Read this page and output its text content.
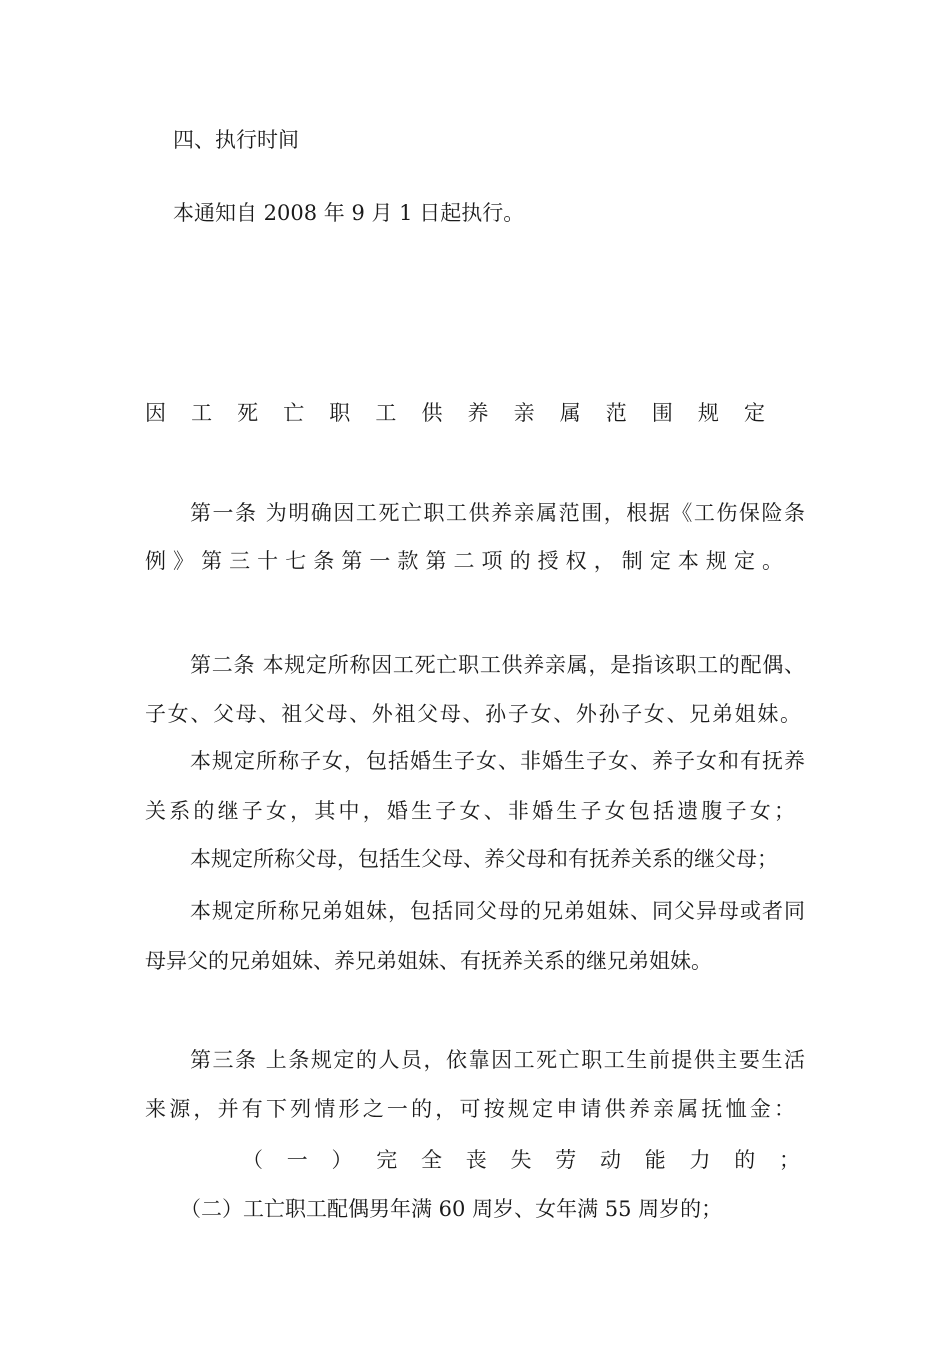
四、执行时间
本通知自 2008 年 9 月 1 日起执行。
因 工 死 亡 职 工 供 养 亲 属 范 围 规 定
第一条 为明确因工死亡职工供养亲属范围，根据《工伤保险条
例》第三十七条第一款第二项的授权，制定本规定。
第二条 本规定所称因工死亡职工供养亲属，是指该职工的配偶、
子女、父母、祖父母、外祖父母、孙子女、外孙子女、兄弟姐妹。
本规定所称子女，包括婚生子女、非婚生子女、养子女和有抚养
关系的继子女，其中，婚生子女、非婚生子女包括遗腹子女；
本规定所称父母，包括生父母、养父母和有抚养关系的继父母；
本规定所称兄弟姐妹，包括同父母的兄弟姐妹、同父异母或者同
母异父的兄弟姐妹、养兄弟姐妹、有抚养关系的继兄弟姐妹。
第三条 上条规定的人员，依靠因工死亡职工生前提供主要生活
来源，并有下列情形之一的，可按规定申请供养亲属抚恤金：
（ 一 ） 完 全 丧 失 劳 动 能 力 的 ；
（二）工亡职工配偶男年满 60 周岁、女年满 55 周岁的；
